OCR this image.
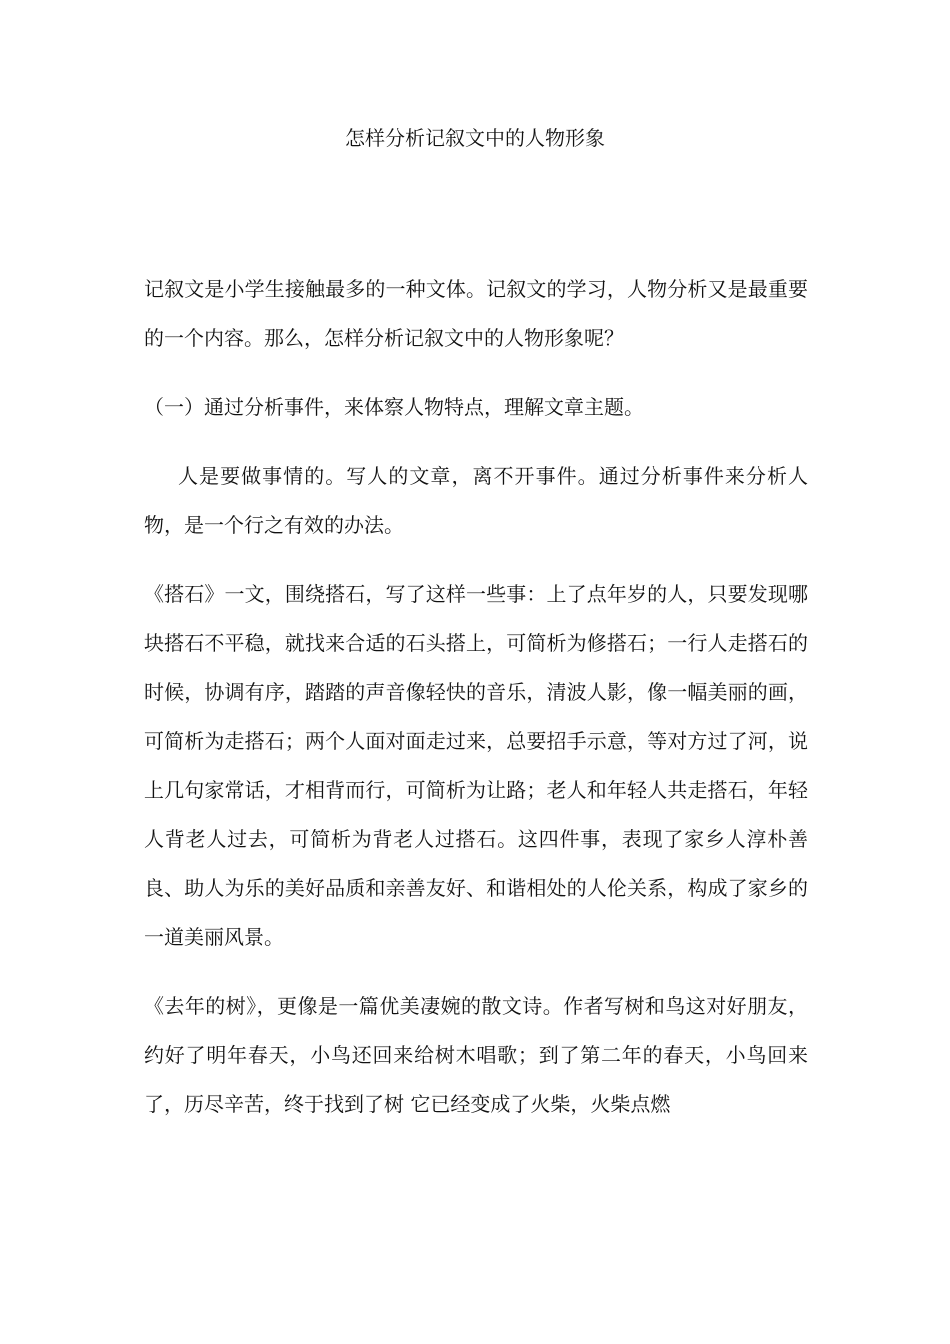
怎样分析记叙文中的人物形象

记叙文是小学生接触最多的一种文体。记叙文的学习，人物分析又是最重要的一个内容。那么，怎样分析记叙文中的人物形象呢？

（一）通过分析事件，来体察人物特点，理解文章主题。

人是要做事情的。写人的文章，离不开事件。通过分析事件来分析人物，是一个行之有效的办法。

《搭石》一文，围绕搭石，写了这样一些事：上了点年岁的人，只要发现哪块搭石不平稳，就找来合适的石头搭上，可简析为修搭石；一行人走搭石的时候，协调有序，踏踏的声音像轻快的音乐，清波人影，像一幅美丽的画，可简析为走搭石；两个人面对面走过来，总要招手示意，等对方过了河，说上几句家常话，才相背而行，可简析为让路；老人和年轻人共走搭石，年轻人背老人过去，可简析为背老人过搭石。这四件事，表现了家乡人淳朴善良、助人为乐的美好品质和亲善友好、和谐相处的人伦关系，构成了家乡的一道美丽风景。

《去年的树》，更像是一篇优美凄婉的散文诗。作者写树和鸟这对好朋友，约好了明年春天，小鸟还回来给树木唱歌；到了第二年的春天，小鸟回来了，历尽辛苦，终于找到了树 它已经变成了火柴，火柴点燃
